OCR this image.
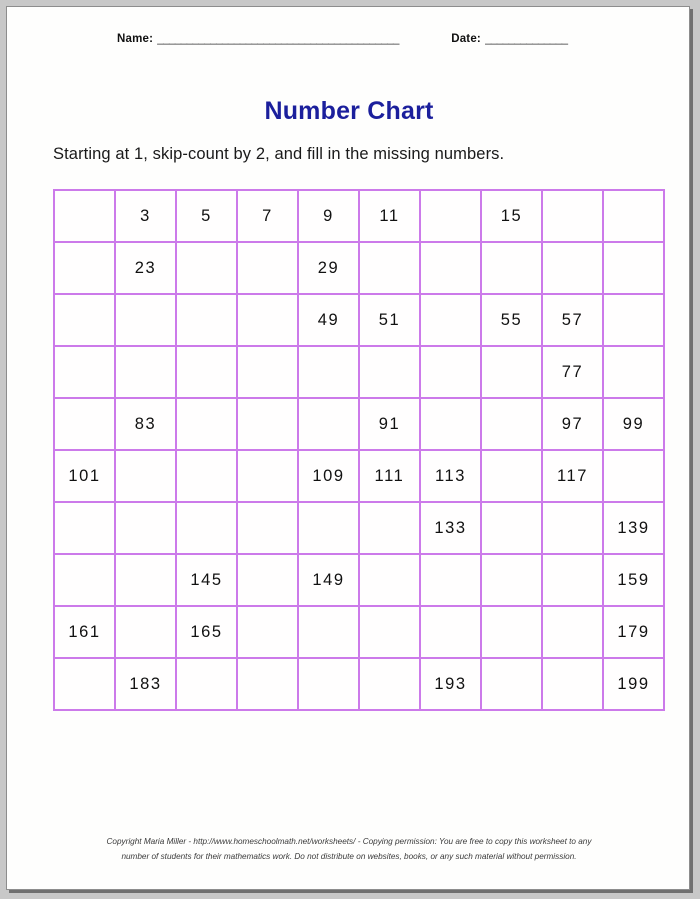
Name: _________________________________________	Date: ______________
Number Chart
Starting at 1, skip-count by 2, and fill in the missing numbers.
	3	5	7	9	11		15		
	23			29					
				49	51		55	57	
								77	
	83				91			97	99
101				109	111	113		117	
						133			139
		145		149					159
161		165							179
	183					193			199
Copyright Maria Miller - http://www.homeschoolmath.net/worksheets/ - Copying permission: You are free to copy this worksheet to any
number of students for their mathematics work. Do not distribute on websites, books, or any such material without permission.
